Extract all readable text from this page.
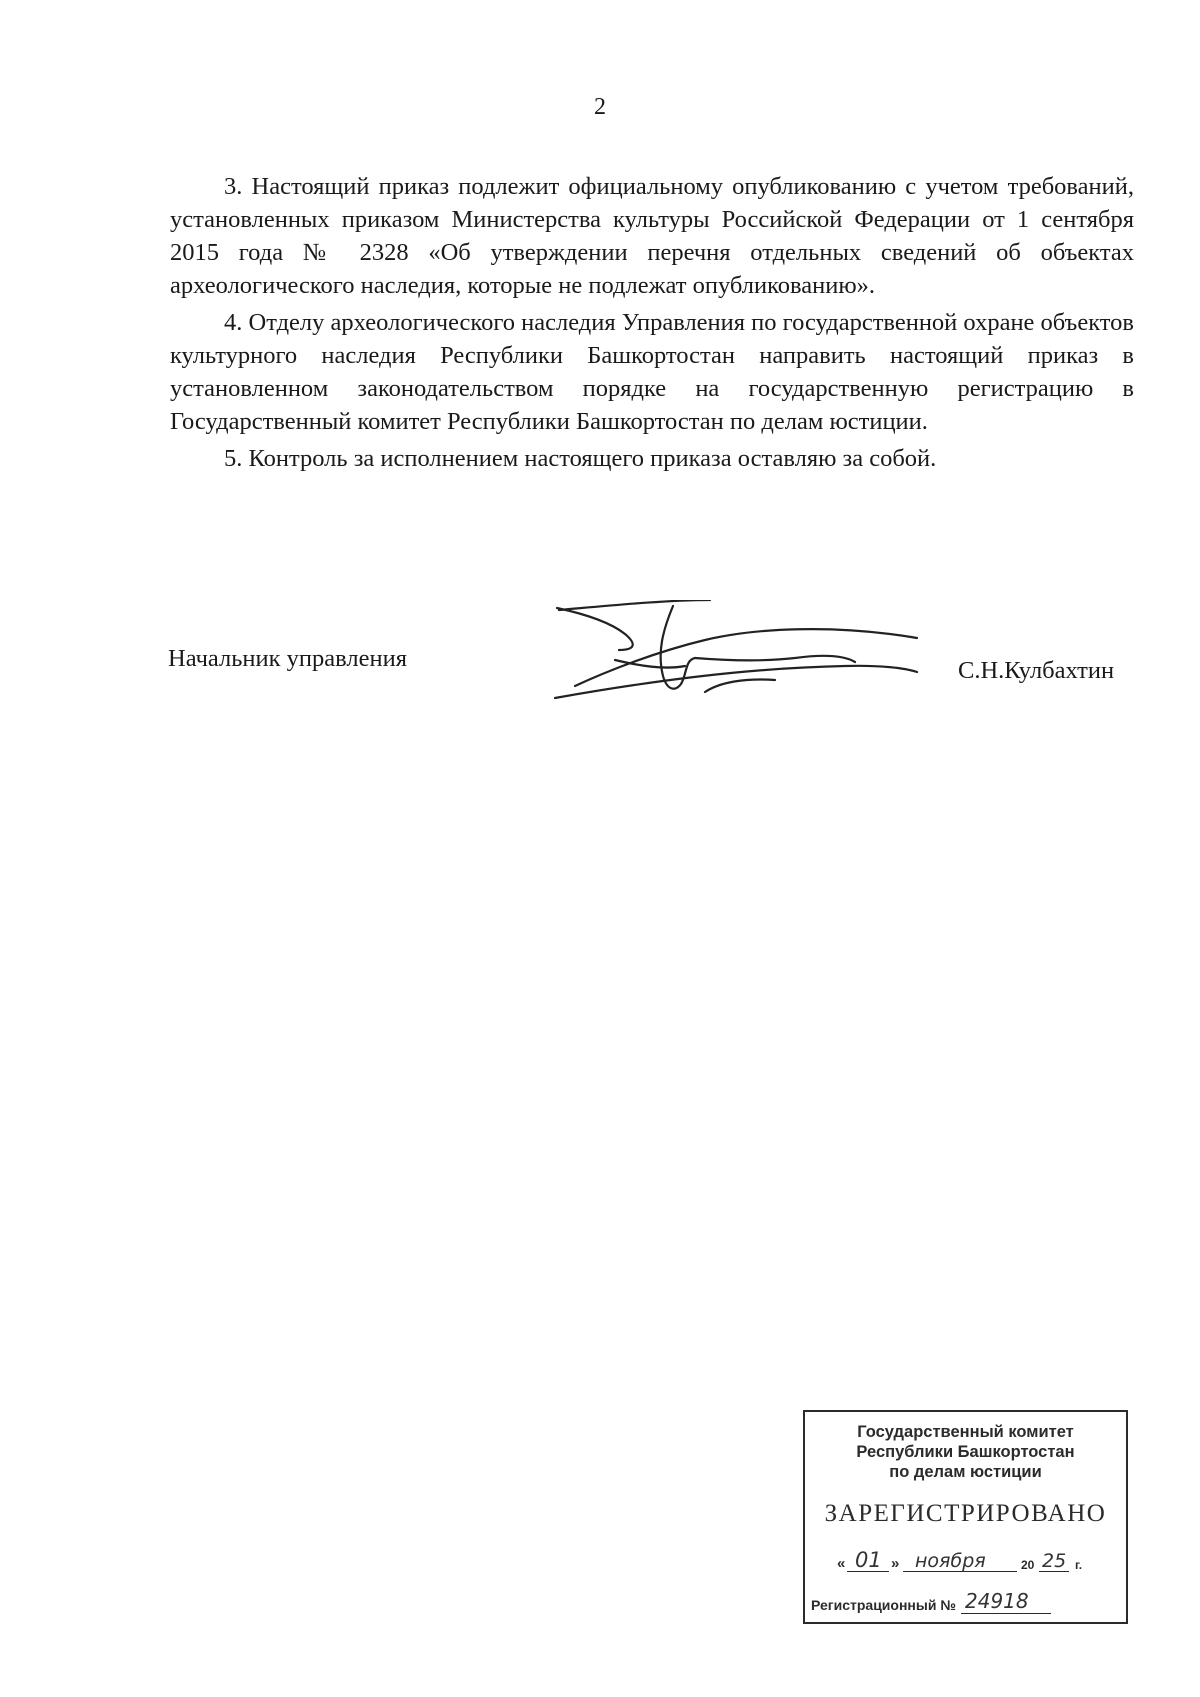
2

3. Настоящий приказ подлежит официальному опубликованию с учетом требований, установленных приказом Министерства культуры Российской Федерации от 1 сентября 2015 года № 2328 «Об утверждении перечня отдельных сведений об объектах археологического наследия, которые не подлежат опубликованию».

4. Отделу археологического наследия Управления по государственной охране объектов культурного наследия Республики Башкортостан направить настоящий приказ в установленном законодательством порядке на государственную регистрацию в Государственный комитет Республики Башкортостан по делам юстиции.

5. Контроль за исполнением настоящего приказа оставляю за собой.

Начальник управления	С.Н.Кулбахтин
Государственный комитет
Республики Башкортостан
по делам юстиции
ЗАРЕГИСТРИРОВАНО
« 01 » ноября	20 25 г.
Регистрационный № 24918
